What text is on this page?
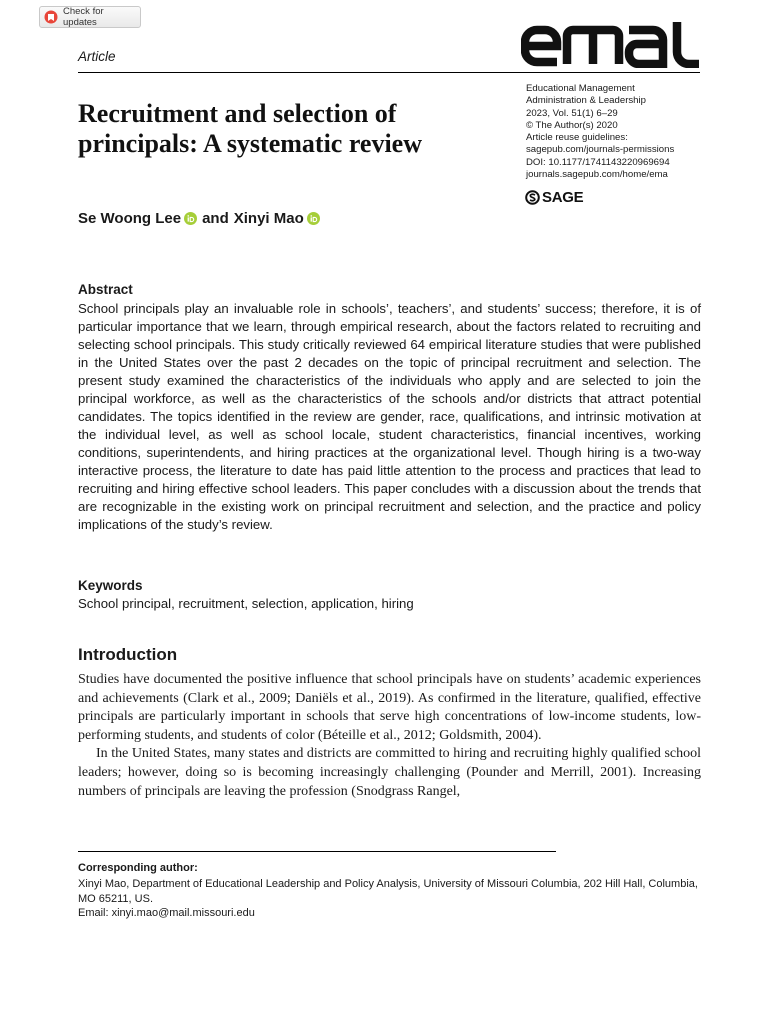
Check for updates
Article
Educational Management
Administration & Leadership
2023, Vol. 51(1) 6–29
© The Author(s) 2020
Article reuse guidelines:
sagepub.com/journals-permissions
DOI: 10.1177/1741143220969694
journals.sagepub.com/home/ema
SAGE
Recruitment and selection of principals: A systematic review
Se Woong Lee and Xinyi Mao
Abstract

School principals play an invaluable role in schools’, teachers’, and students’ success; therefore, it is of particular importance that we learn, through empirical research, about the factors related to recruiting and selecting school principals. This study critically reviewed 64 empirical literature studies that were published in the United States over the past 2 decades on the topic of principal recruitment and selection. The present study examined the characteristics of the individuals who apply and are selected to join the principal workforce, as well as the characteristics of the schools and/or districts that attract potential candidates. The topics identified in the review are gender, race, qualifications, and intrinsic motivation at the individual level, as well as school locale, student characteristics, financial incentives, working conditions, superintendents, and hiring practices at the organizational level. Though hiring is a two-way interactive process, the literature to date has paid little attention to the process and practices that lead to recruiting and hiring effective school leaders. This paper concludes with a discussion about the trends that are recognizable in the existing work on principal recruitment and selection, and the practice and policy implications of the study’s review.

Keywords

School principal, recruitment, selection, application, hiring

Introduction

Studies have documented the positive influence that school principals have on students’ academic experiences and achievements (Clark et al., 2009; Daniëls et al., 2019). As confirmed in the literature, qualified, effective principals are particularly important in schools that serve high concentrations of low-income students, low-performing students, and students of color (Béteille et al., 2012; Goldsmith, 2004).

In the United States, many states and districts are committed to hiring and recruiting highly qualified school leaders; however, doing so is becoming increasingly challenging (Pounder and Merrill, 2001). Increasing numbers of principals are leaving the profession (Snodgrass Rangel,

Corresponding author:
Xinyi Mao, Department of Educational Leadership and Policy Analysis, University of Missouri Columbia, 202 Hill Hall, Columbia, MO 65211, US.
Email: xinyi.mao@mail.missouri.edu
